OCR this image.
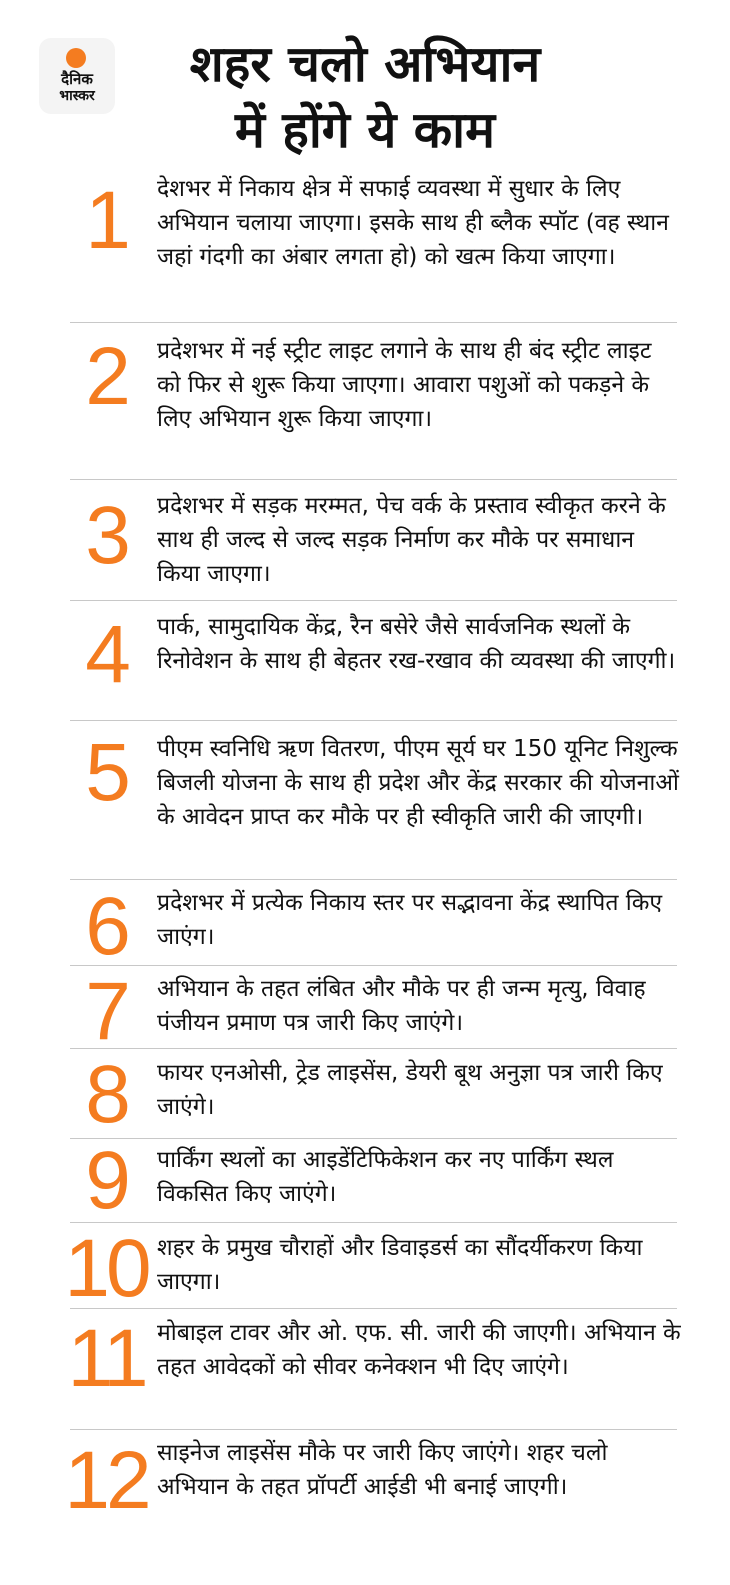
दैनिक
भास्कर
शहर चलो अभियान
में होंगे ये काम
1	देशभर में निकाय क्षेत्र में सफाई व्यवस्था में सुधार के लिए अभियान चलाया जाएगा। इसके साथ ही ब्लैक स्पॉट (वह स्थान जहां गंदगी का अंबार लगता हो) को खत्म किया जाएगा।
2	प्रदेशभर में नई स्ट्रीट लाइट लगाने के साथ ही बंद स्ट्रीट लाइट को फिर से शुरू किया जाएगा। आवारा पशुओं को पकड़ने के लिए अभियान शुरू किया जाएगा।
3	प्रदेशभर में सड़क मरम्मत, पेच वर्क के प्रस्ताव स्वीकृत करने के साथ ही जल्द से जल्द सड़क निर्माण कर मौके पर समाधान किया जाएगा।
4	पार्क, सामुदायिक केंद्र, रैन बसेरे जैसे सार्वजनिक स्थलों के रिनोवेशन के साथ ही बेहतर रख-रखाव की व्यवस्था की जाएगी।
5	पीएम स्वनिधि ऋण वितरण, पीएम सूर्य घर 150 यूनिट निशुल्क बिजली योजना के साथ ही प्रदेश और केंद्र सरकार की योजनाओं के आवेदन प्राप्त कर मौके पर ही स्वीकृति जारी की जाएगी।
6	प्रदेशभर में प्रत्येक निकाय स्तर पर सद्भावना केंद्र स्थापित किए जाएंग।
7	अभियान के तहत लंबित और मौके पर ही जन्म मृत्यु, विवाह पंजीयन प्रमाण पत्र जारी किए जाएंगे।
8	फायर एनओसी, ट्रेड लाइसेंस, डेयरी बूथ अनुज्ञा पत्र जारी किए जाएंगे।
9	पार्किंग स्थलों का आइडेंटिफिकेशन कर नए पार्किंग स्थल विकसित किए जाएंगे।
10 शहर के प्रमुख चौराहों और डिवाइडर्स का सौंदर्यीकरण किया जाएगा।
11 मोबाइल टावर और ओ. एफ. सी. जारी की जाएगी। अभियान के तहत आवेदकों को सीवर कनेक्शन भी दिए जाएंगे।
12 साइनेज लाइसेंस मौके पर जारी किए जाएंगे। शहर चलो अभियान के तहत प्रॉपर्टी आईडी भी बनाई जाएगी।
